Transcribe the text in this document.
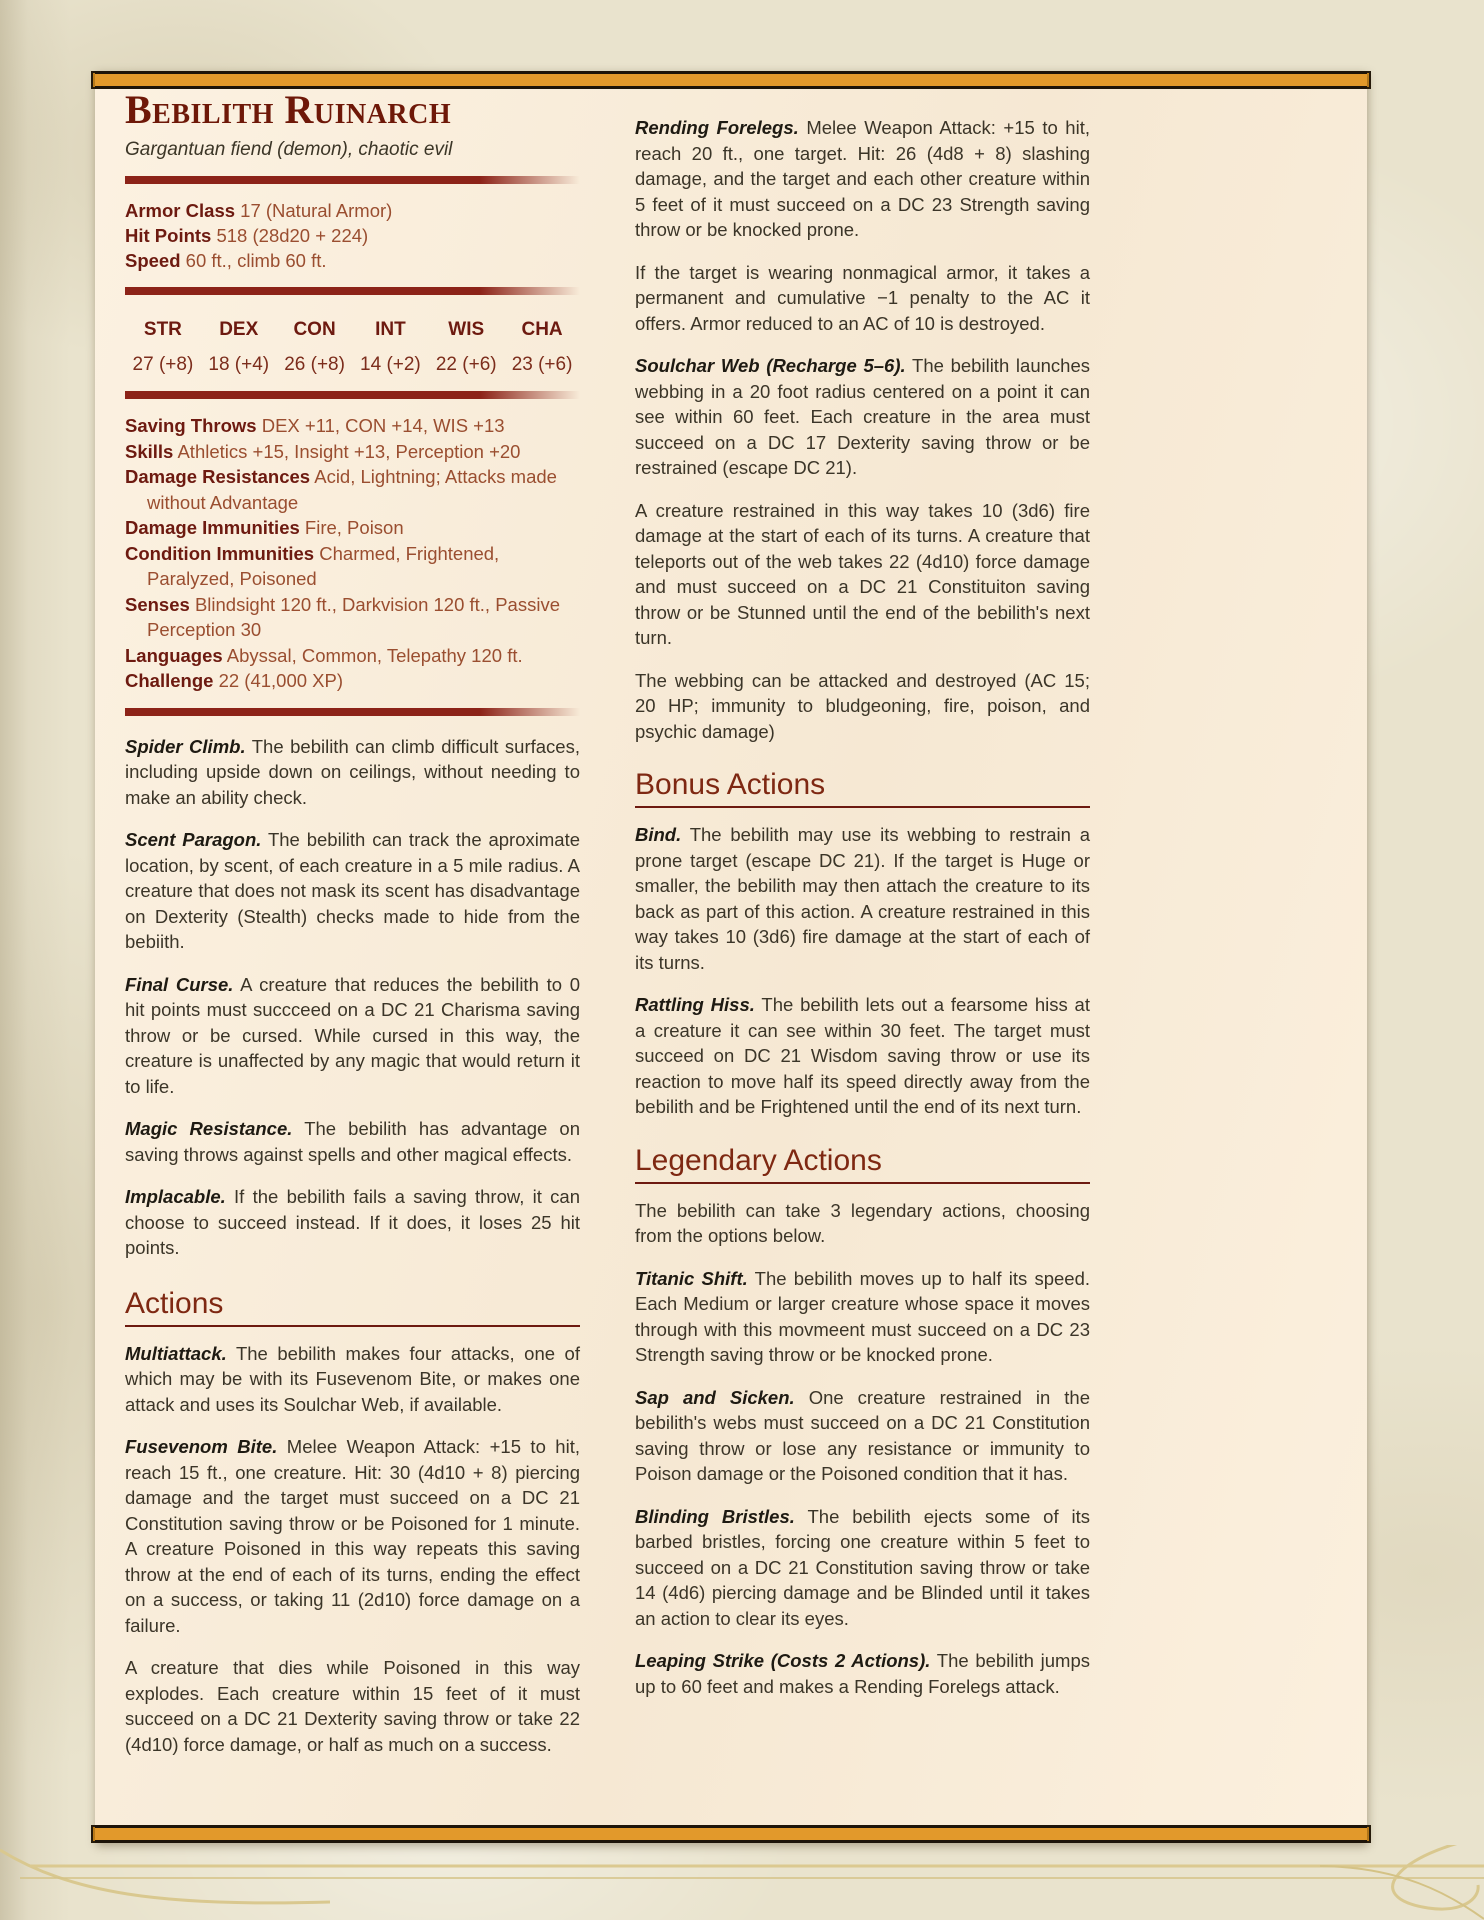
Bebilith Ruinarch
Gargantuan fiend (demon), chaotic evil
Armor Class 17 (Natural Armor)
Hit Points 518 (28d20 + 224)
Speed 60 ft., climb 60 ft.
STR
27 (+8)
DEX
18 (+4)
CON
26 (+8)
INT
14 (+2)
WIS
22 (+6)
CHA
23 (+6)
Saving Throws DEX +11, CON +14, WIS +13
Skills Athletics +15, Insight +13, Perception +20
Damage Resistances Acid, Lightning; Attacks made without Advantage
Damage Immunities Fire, Poison
Condition Immunities Charmed, Frightened, Paralyzed, Poisoned
Senses Blindsight 120 ft., Darkvision 120 ft., Passive Perception 30
Languages Abyssal, Common, Telepathy 120 ft.
Challenge 22 (41,000 XP)

Spider Climb. The bebilith can climb difficult surfaces, including upside down on ceilings, without needing to make an ability check.

Scent Paragon. The bebilith can track the aproximate location, by scent, of each creature in a 5 mile radius. A creature that does not mask its scent has disadvantage on Dexterity (Stealth) checks made to hide from the bebiith.

Final Curse. A creature that reduces the bebilith to 0 hit points must succceed on a DC 21 Charisma saving throw or be cursed. While cursed in this way, the creature is unaffected by any magic that would return it to life.

Magic Resistance. The bebilith has advantage on saving throws against spells and other magical effects.

Implacable. If the bebilith fails a saving throw, it can choose to succeed instead. If it does, it loses 25 hit points.

Actions

Multiattack. The bebilith makes four attacks, one of which may be with its Fusevenom Bite, or makes one attack and uses its Soulchar Web, if available.

Fusevenom Bite. Melee Weapon Attack: +15 to hit, reach 15 ft., one creature. Hit: 30 (4d10 + 8) piercing damage and the target must succeed on a DC 21 Constitution saving throw or be Poisoned for 1 minute. A creature Poisoned in this way repeats this saving throw at the end of each of its turns, ending the effect on a success, or taking 11 (2d10) force damage on a failure.

A creature that dies while Poisoned in this way explodes. Each creature within 15 feet of it must succeed on a DC 21 Dexterity saving throw or take 22 (4d10) force damage, or half as much on a success.

Rending Forelegs. Melee Weapon Attack: +15 to hit, reach 20 ft., one target. Hit: 26 (4d8 + 8) slashing damage, and the target and each other creature within 5 feet of it must succeed on a DC 23 Strength saving throw or be knocked prone.

If the target is wearing nonmagical armor, it takes a permanent and cumulative −1 penalty to the AC it offers. Armor reduced to an AC of 10 is destroyed.

Soulchar Web (Recharge 5–6). The bebilith launches webbing in a 20 foot radius centered on a point it can see within 60 feet. Each creature in the area must succeed on a DC 17 Dexterity saving throw or be restrained (escape DC 21).

A creature restrained in this way takes 10 (3d6) fire damage at the start of each of its turns. A creature that teleports out of the web takes 22 (4d10) force damage and must succeed on a DC 21 Constituiton saving throw or be Stunned until the end of the bebilith's next turn.

The webbing can be attacked and destroyed (AC 15; 20 HP; immunity to bludgeoning, fire, poison, and psychic damage)

Bonus Actions

Bind. The bebilith may use its webbing to restrain a prone target (escape DC 21). If the target is Huge or smaller, the bebilith may then attach the creature to its back as part of this action. A creature restrained in this way takes 10 (3d6) fire damage at the start of each of its turns.

Rattling Hiss. The bebilith lets out a fearsome hiss at a creature it can see within 30 feet. The target must succeed on DC 21 Wisdom saving throw or use its reaction to move half its speed directly away from the bebilith and be Frightened until the end of its next turn.

Legendary Actions

The bebilith can take 3 legendary actions, choosing from the options below.

Titanic Shift. The bebilith moves up to half its speed. Each Medium or larger creature whose space it moves through with this movmeent must succeed on a DC 23 Strength saving throw or be knocked prone.

Sap and Sicken. One creature restrained in the bebilith's webs must succeed on a DC 21 Constitution saving throw or lose any resistance or immunity to Poison damage or the Poisoned condition that it has.

Blinding Bristles. The bebilith ejects some of its barbed bristles, forcing one creature within 5 feet to succeed on a DC 21 Constitution saving throw or take 14 (4d6) piercing damage and be Blinded until it takes an action to clear its eyes.

Leaping Strike (Costs 2 Actions). The bebilith jumps up to 60 feet and makes a Rending Forelegs attack.
